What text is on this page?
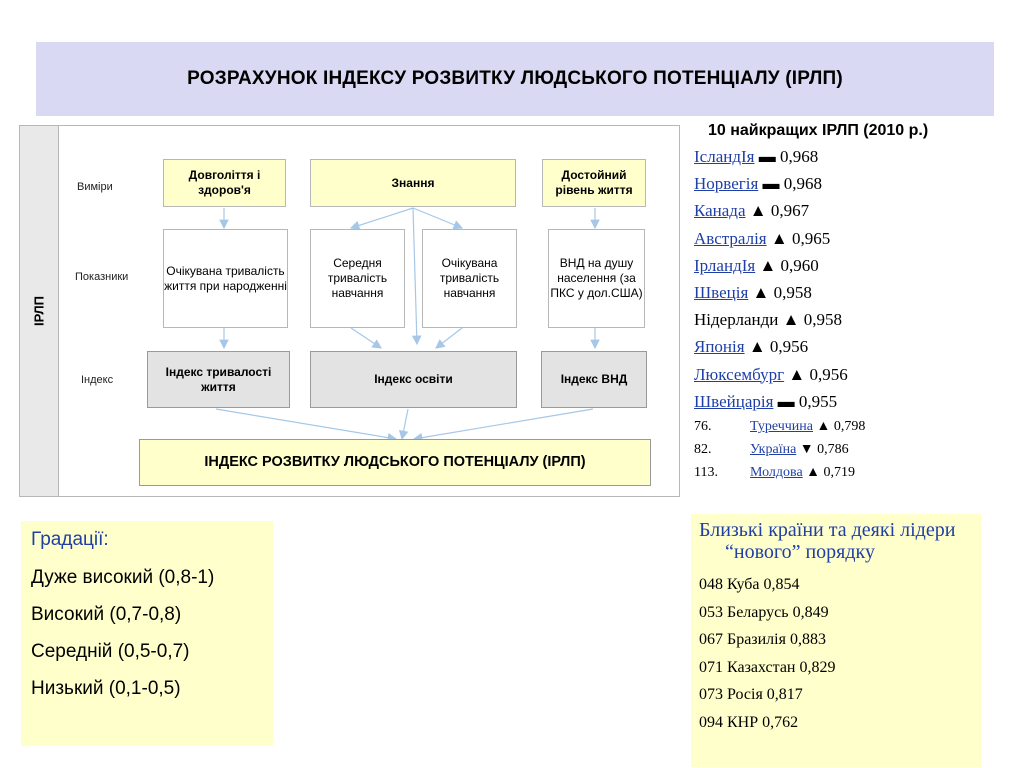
РОЗРАХУНОК ІНДЕКСУ РОЗВИТКУ ЛЮДСЬКОГО ПОТЕНЦІАЛУ (ІРЛП)
ІРЛП
Виміри
Показники
Індекс
Довголіття і здоров'я
Знання
Достойний рівень життя
Очікувана тривалість життя при народженні
Середня тривалість навчання
Очікувана тривалість навчання
ВНД на душу населення (за ПКС у дол.США)
Індекс тривалості життя
Індекс освіти	Індекс ВНД
ІНДЕКС РОЗВИТКУ ЛЮДСЬКОГО ПОТЕНЦІАЛУ (ІРЛП)
10 найкращих ІРЛП (2010 р.)
ІсландІя ▬ 0,968
Норвегія ▬ 0,968
Канада ▲ 0,967
Австралія ▲ 0,965
ІрландІя ▲ 0,960
Швеція ▲ 0,958
Нідерланди ▲ 0,958
Японія ▲ 0,956
Люксембург ▲ 0,956
Швейцарія ▬ 0,955
76.	Туреччина ▲ 0,798
82.	Україна ▼ 0,786
113. Молдова ▲ 0,719
Градації:
Дуже високий (0,8-1)
Високий (0,7-0,8)
Середній (0,5-0,7)
Низький (0,1-0,5)
Близькі країни та деякі лідери “нового” порядку
048 Куба 0,854
053 Беларусь 0,849
067 Бразилія 0,883
071 Казахстан 0,829
073 Росія 0,817
094 КНР 0,762
